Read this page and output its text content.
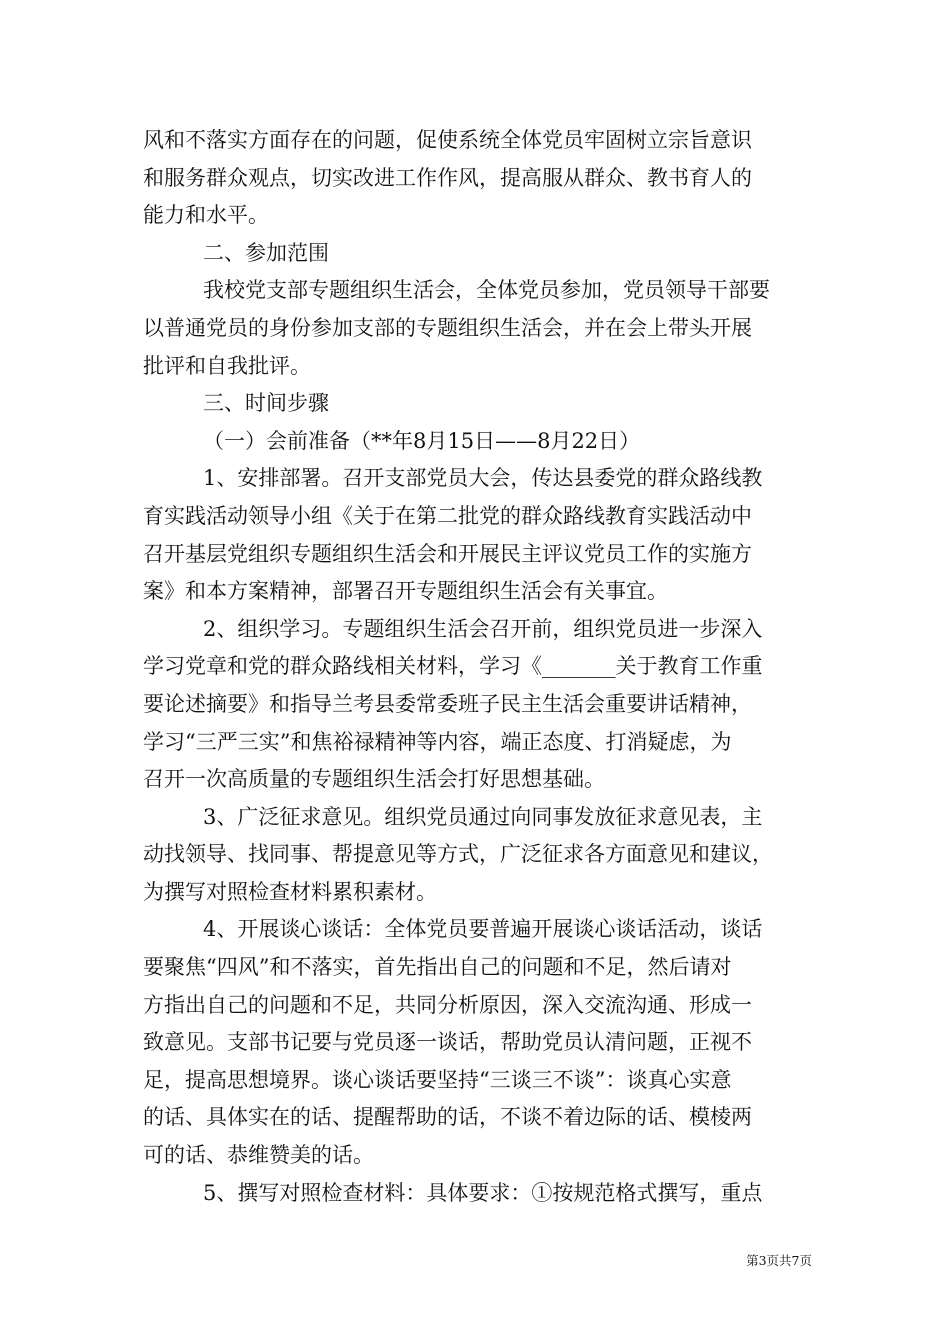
风和不落实方面存在的问题，促使系统全体党员牢固树立宗旨意识
和服务群众观点，切实改进工作作风，提高服从群众、教书育人的
能力和水平。
二、参加范围
我校党支部专题组织生活会，全体党员参加，党员领导干部要
以普通党员的身份参加支部的专题组织生活会，并在会上带头开展
批评和自我批评。
三、时间步骤
（一）会前准备（**年8月15日——8月22日）
1、安排部署。召开支部党员大会，传达县委党的群众路线教
育实践活动领导小组《关于在第二批党的群众路线教育实践活动中
召开基层党组织专题组织生活会和开展民主评议党员工作的实施方
案》和本方案精神，部署召开专题组织生活会有关事宜。
2、组织学习。专题组织生活会召开前，组织党员进一步深入
学习党章和党的群众路线相关材料，学习《_______关于教育工作重
要论述摘要》和指导兰考县委常委班子民主生活会重要讲话精神，
学习“三严三实”和焦裕禄精神等内容，端正态度、打消疑虑，为
召开一次高质量的专题组织生活会打好思想基础。
3、广泛征求意见。组织党员通过向同事发放征求意见表，主
动找领导、找同事、帮提意见等方式，广泛征求各方面意见和建议，
为撰写对照检查材料累积素材。
4、开展谈心谈话：全体党员要普遍开展谈心谈话活动，谈话
要聚焦“四风”和不落实，首先指出自己的问题和不足，然后请对
方指出自己的问题和不足，共同分析原因，深入交流沟通、形成一
致意见。支部书记要与党员逐一谈话，帮助党员认清问题，正视不
足，提高思想境界。谈心谈话要坚持“三谈三不谈”：谈真心实意
的话、具体实在的话、提醒帮助的话，不谈不着边际的话、模棱两
可的话、恭维赞美的话。
5、撰写对照检查材料：具体要求：①按规范格式撰写，重点
第3页共7页
